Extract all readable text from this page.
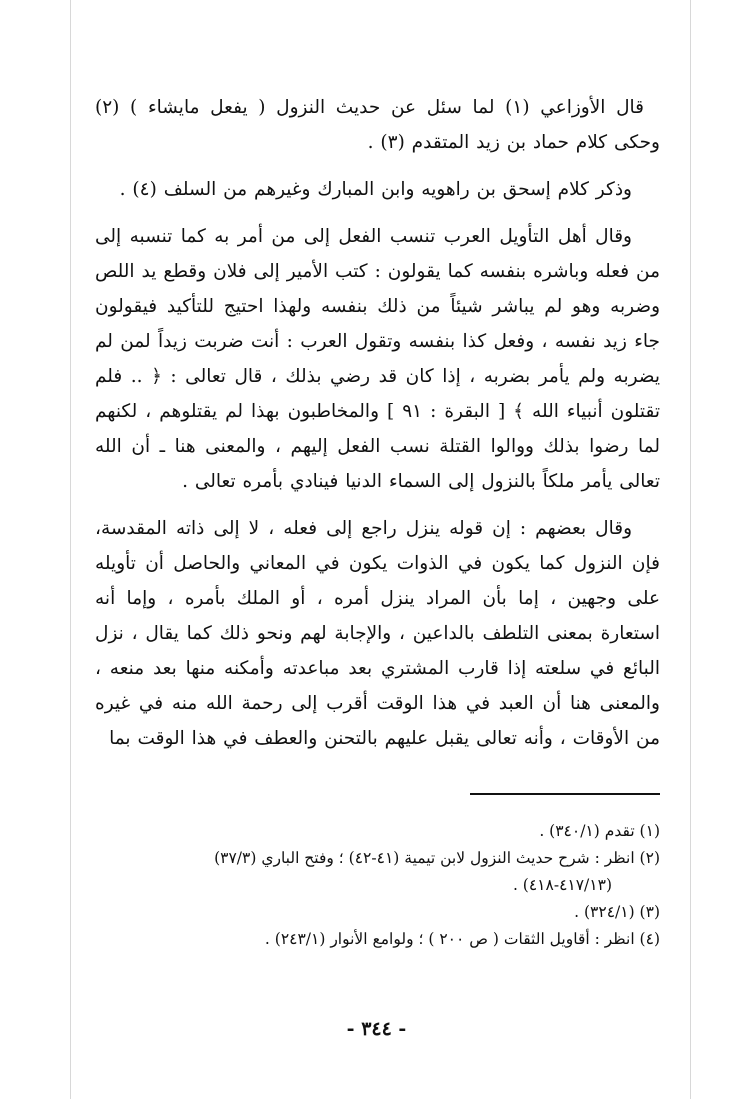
قال الأوزاعي (١) لما سئل عن حديث النزول ( يفعل مايشاء ) (٢) وحكى كلام حماد بن زيد المتقدم (٣) .

وذكر كلام إسحق بن راهويه وابن المبارك وغيرهم من السلف (٤) .

وقال أهل التأويل العرب تنسب الفعل إلى من أمر به كما تنسبه إلى من فعله وباشره بنفسه كما يقولون : كتب الأمير إلى فلان وقطع يد اللص وضربه وهو لم يباشر شيئاً من ذلك بنفسه ولهذا احتيج للتأكيد فيقولون جاء زيد نفسه ، وفعل كذا بنفسه وتقول العرب : أنت ضربت زيداً لمن لم يضربه ولم يأمر بضربه ، إذا كان قد رضي بذلك ، قال تعالى : ﴿ .. فلم تقتلون أنبياء الله ﴾ [ البقرة : ٩١ ] والمخاطبون بهذا لم يقتلوهم ، لكنهم لما رضوا بذلك ووالوا القتلة نسب الفعل إليهم ، والمعنى هنا ـ أن الله تعالى يأمر ملكاً بالنزول إلى السماء الدنيا فينادي بأمره تعالى .

وقال بعضهم : إن قوله ينزل راجع إلى فعله ، لا إلى ذاته المقدسة، فإن النزول كما يكون في الذوات يكون في المعاني والحاصل أن تأويله على وجهين ، إما بأن المراد ينزل أمره ، أو الملك بأمره ، وإما أنه استعارة بمعنى التلطف بالداعين ، والإجابة لهم ونحو ذلك كما يقال ، نزل البائع في سلعته إذا قارب المشتري بعد مباعدته وأمكنه منها بعد منعه ، والمعنى هنا أن العبد في هذا الوقت أقرب إلى رحمة الله منه في غيره من الأوقات ، وأنه تعالى يقبل عليهم بالتحنن والعطف في هذا الوقت بما

(١) تقدم (٣٤٠/١) .

(٢) انظر : شرح حديث النزول لابن تيمية (٤١-٤٢) ؛ وفتح الباري (٣٧/٣)

(٤١٧/١٣-٤١٨) .

(٣) (٣٢٤/١) .

(٤) انظر : أقاويل الثقات ( ص ٢٠٠ ) ؛ ولوامع الأنوار (٢٤٣/١) .

- ٣٤٤ -
